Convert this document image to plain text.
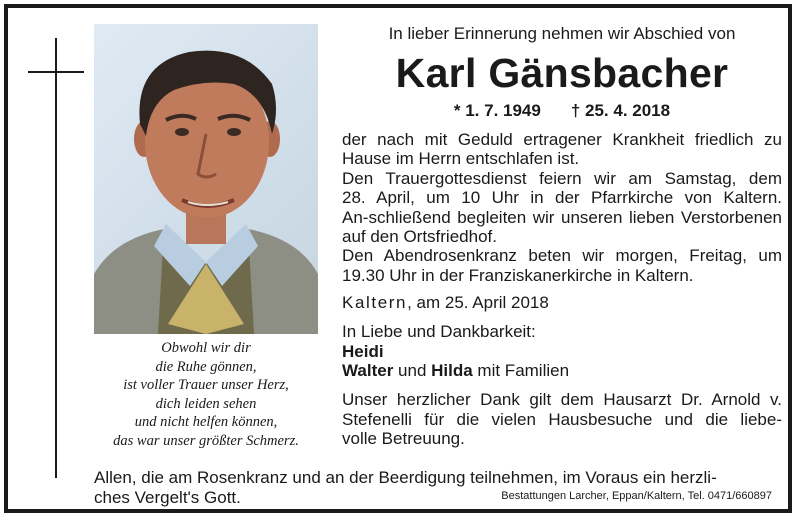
Obwohl wir dir
die Ruhe gönnen,
ist voller Trauer unser Herz,
dich leiden sehen
und nicht helfen können,
das war unser größter Schmerz.
In lieber Erinnerung nehmen wir Abschied von
Karl Gänsbacher
* 1. 7. 1949 † 25. 4. 2018
der nach mit Geduld ertragener Krankheit friedlich zu
Hause im Herrn entschlafen ist.
Den Trauergottesdienst feiern wir am Samstag, dem
28. April, um 10 Uhr in der Pfarrkirche von Kaltern.
An-schließend begleiten wir unseren lieben Verstorbenen
auf den Ortsfriedhof.
Den Abendrosenkranz beten wir morgen, Freitag, um
19.30 Uhr in der Franziskanerkirche in Kaltern.
Kaltern, am 25. April 2018
In Liebe und Dankbarkeit:
Heidi
Walter und Hilda mit Familien
Unser herzlicher Dank gilt dem Hausarzt Dr. Arnold v.
Stefenelli für die vielen Hausbesuche und die liebe-
volle Betreuung.
Allen, die am Rosenkranz und an der Beerdigung teilnehmen, im Voraus ein herzli-
ches Vergelt's Gott.	Bestattungen Larcher, Eppan/Kaltern, Tel. 0471/660897
